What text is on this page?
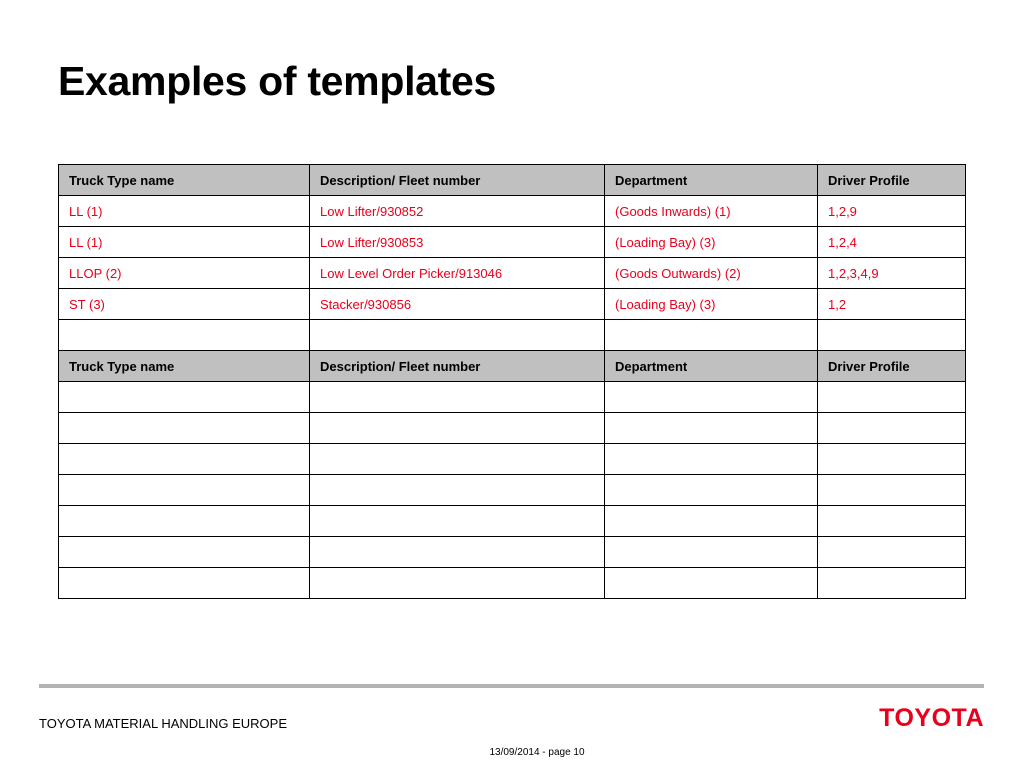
Examples of templates
Truck Type name	Description/ Fleet number	Department	Driver Profile
LL (1)	Low Lifter/930852	(Goods Inwards) (1)	1,2,9
LL (1)	Low Lifter/930853	(Loading Bay) (3)	1,2,4
LLOP (2)	Low Level Order Picker/913046	(Goods Outwards) (2)	1,2,3,4,9
ST (3)	Stacker/930856	(Loading Bay) (3)	1,2

Truck Type name	Description/ Fleet number	Department	Driver Profile

TOYOTA MATERIAL HANDLING EUROPE	TOYOTA
13/09/2014 - page 10
